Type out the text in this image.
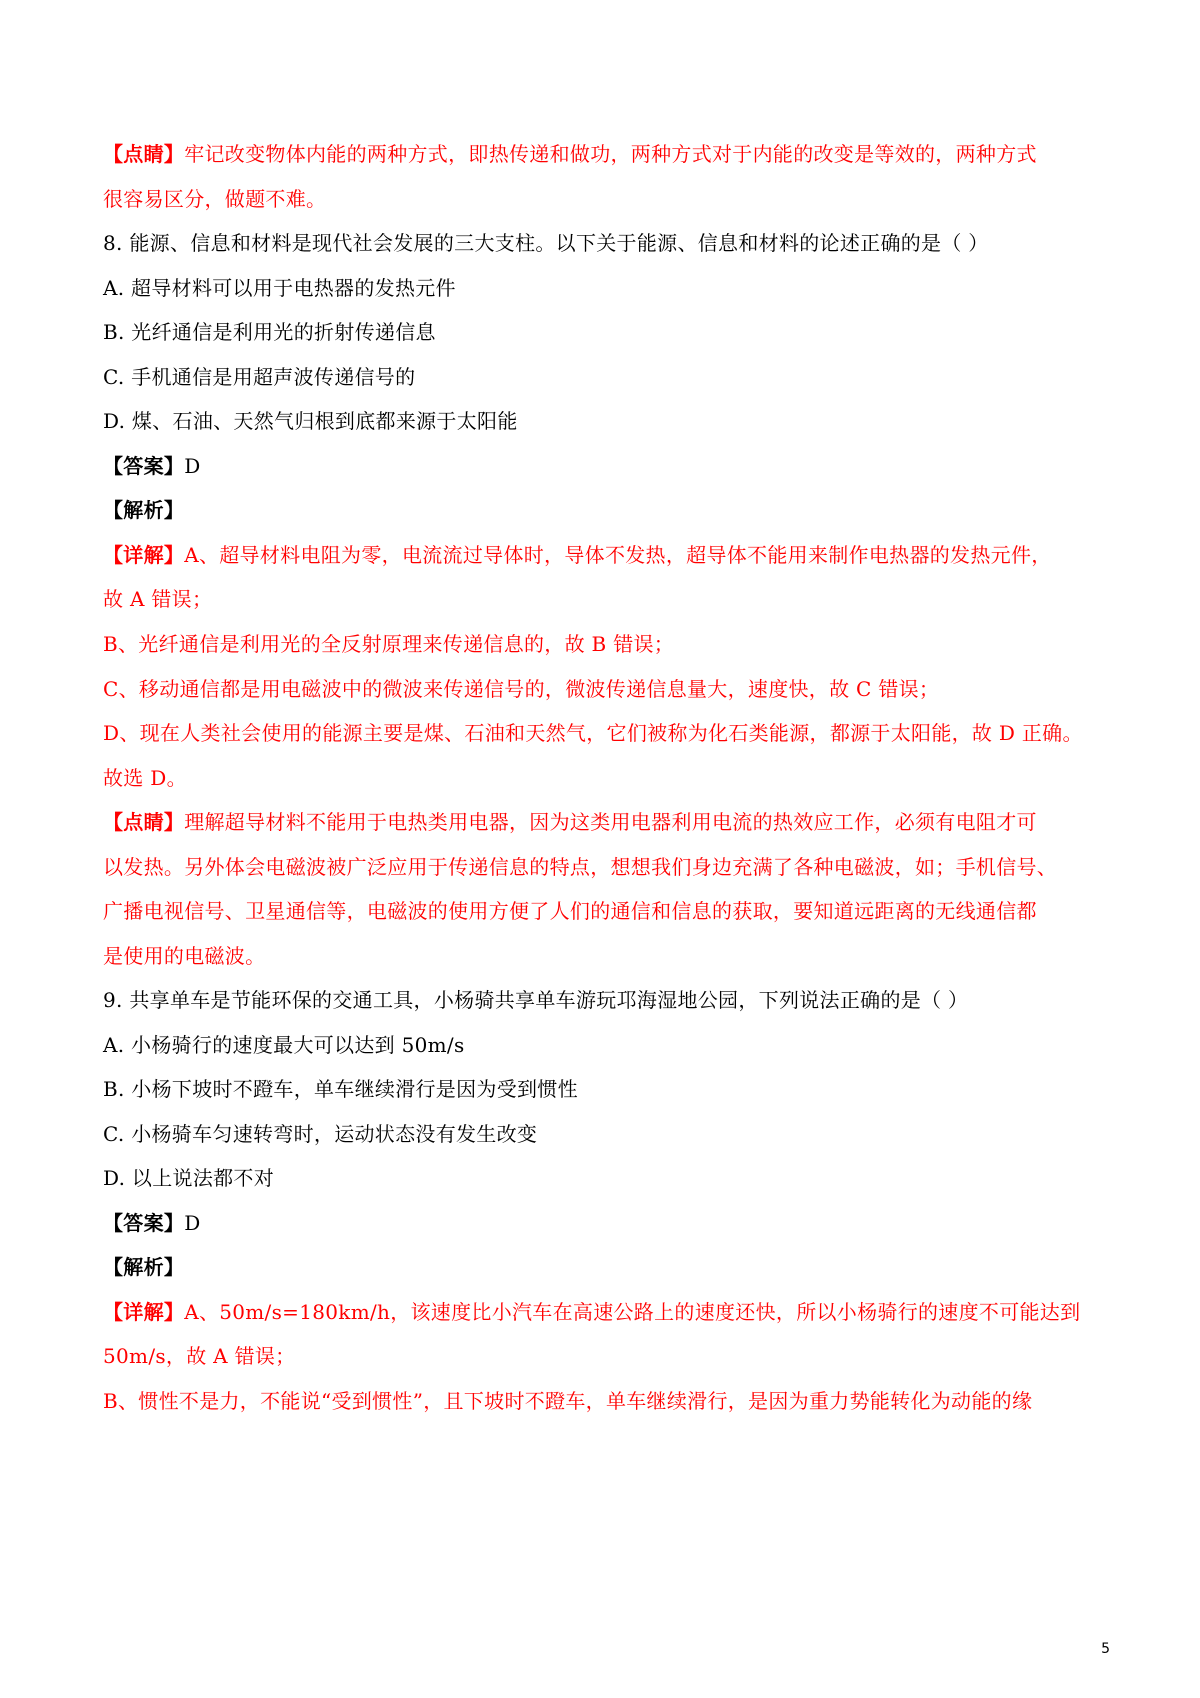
【点睛】牢记改变物体内能的两种方式，即热传递和做功，两种方式对于内能的改变是等效的，两种方式
很容易区分，做题不难。
8. 能源、信息和材料是现代社会发展的三大支柱。以下关于能源、信息和材料的论述正确的是（ ）
A. 超导材料可以用于电热器的发热元件
B. 光纤通信是利用光的折射传递信息
C. 手机通信是用超声波传递信号的
D. 煤、石油、天然气归根到底都来源于太阳能
【答案】D
【解析】
【详解】A、超导材料电阻为零，电流流过导体时，导体不发热，超导体不能用来制作电热器的发热元件，
故 A 错误；
B、光纤通信是利用光的全反射原理来传递信息的，故 B 错误；
C、移动通信都是用电磁波中的微波来传递信号的，微波传递信息量大，速度快，故 C 错误；
D、现在人类社会使用的能源主要是煤、石油和天然气，它们被称为化石类能源，都源于太阳能，故 D 正确。
故选 D。
【点睛】理解超导材料不能用于电热类用电器，因为这类用电器利用电流的热效应工作，必须有电阻才可
以发热。另外体会电磁波被广泛应用于传递信息的特点，想想我们身边充满了各种电磁波，如；手机信号、
广播电视信号、卫星通信等，电磁波的使用方便了人们的通信和信息的获取，要知道远距离的无线通信都
是使用的电磁波。
9. 共享单车是节能环保的交通工具，小杨骑共享单车游玩邛海湿地公园，下列说法正确的是（ ）
A. 小杨骑行的速度最大可以达到 50m/s
B. 小杨下坡时不蹬车，单车继续滑行是因为受到惯性
C. 小杨骑车匀速转弯时，运动状态没有发生改变
D. 以上说法都不对
【答案】D
【解析】
【详解】A、50m/s=180km/h，该速度比小汽车在高速公路上的速度还快，所以小杨骑行的速度不可能达到
50m/s，故 A 错误；
B、惯性不是力，不能说“受到惯性”，且下坡时不蹬车，单车继续滑行，是因为重力势能转化为动能的缘
5
